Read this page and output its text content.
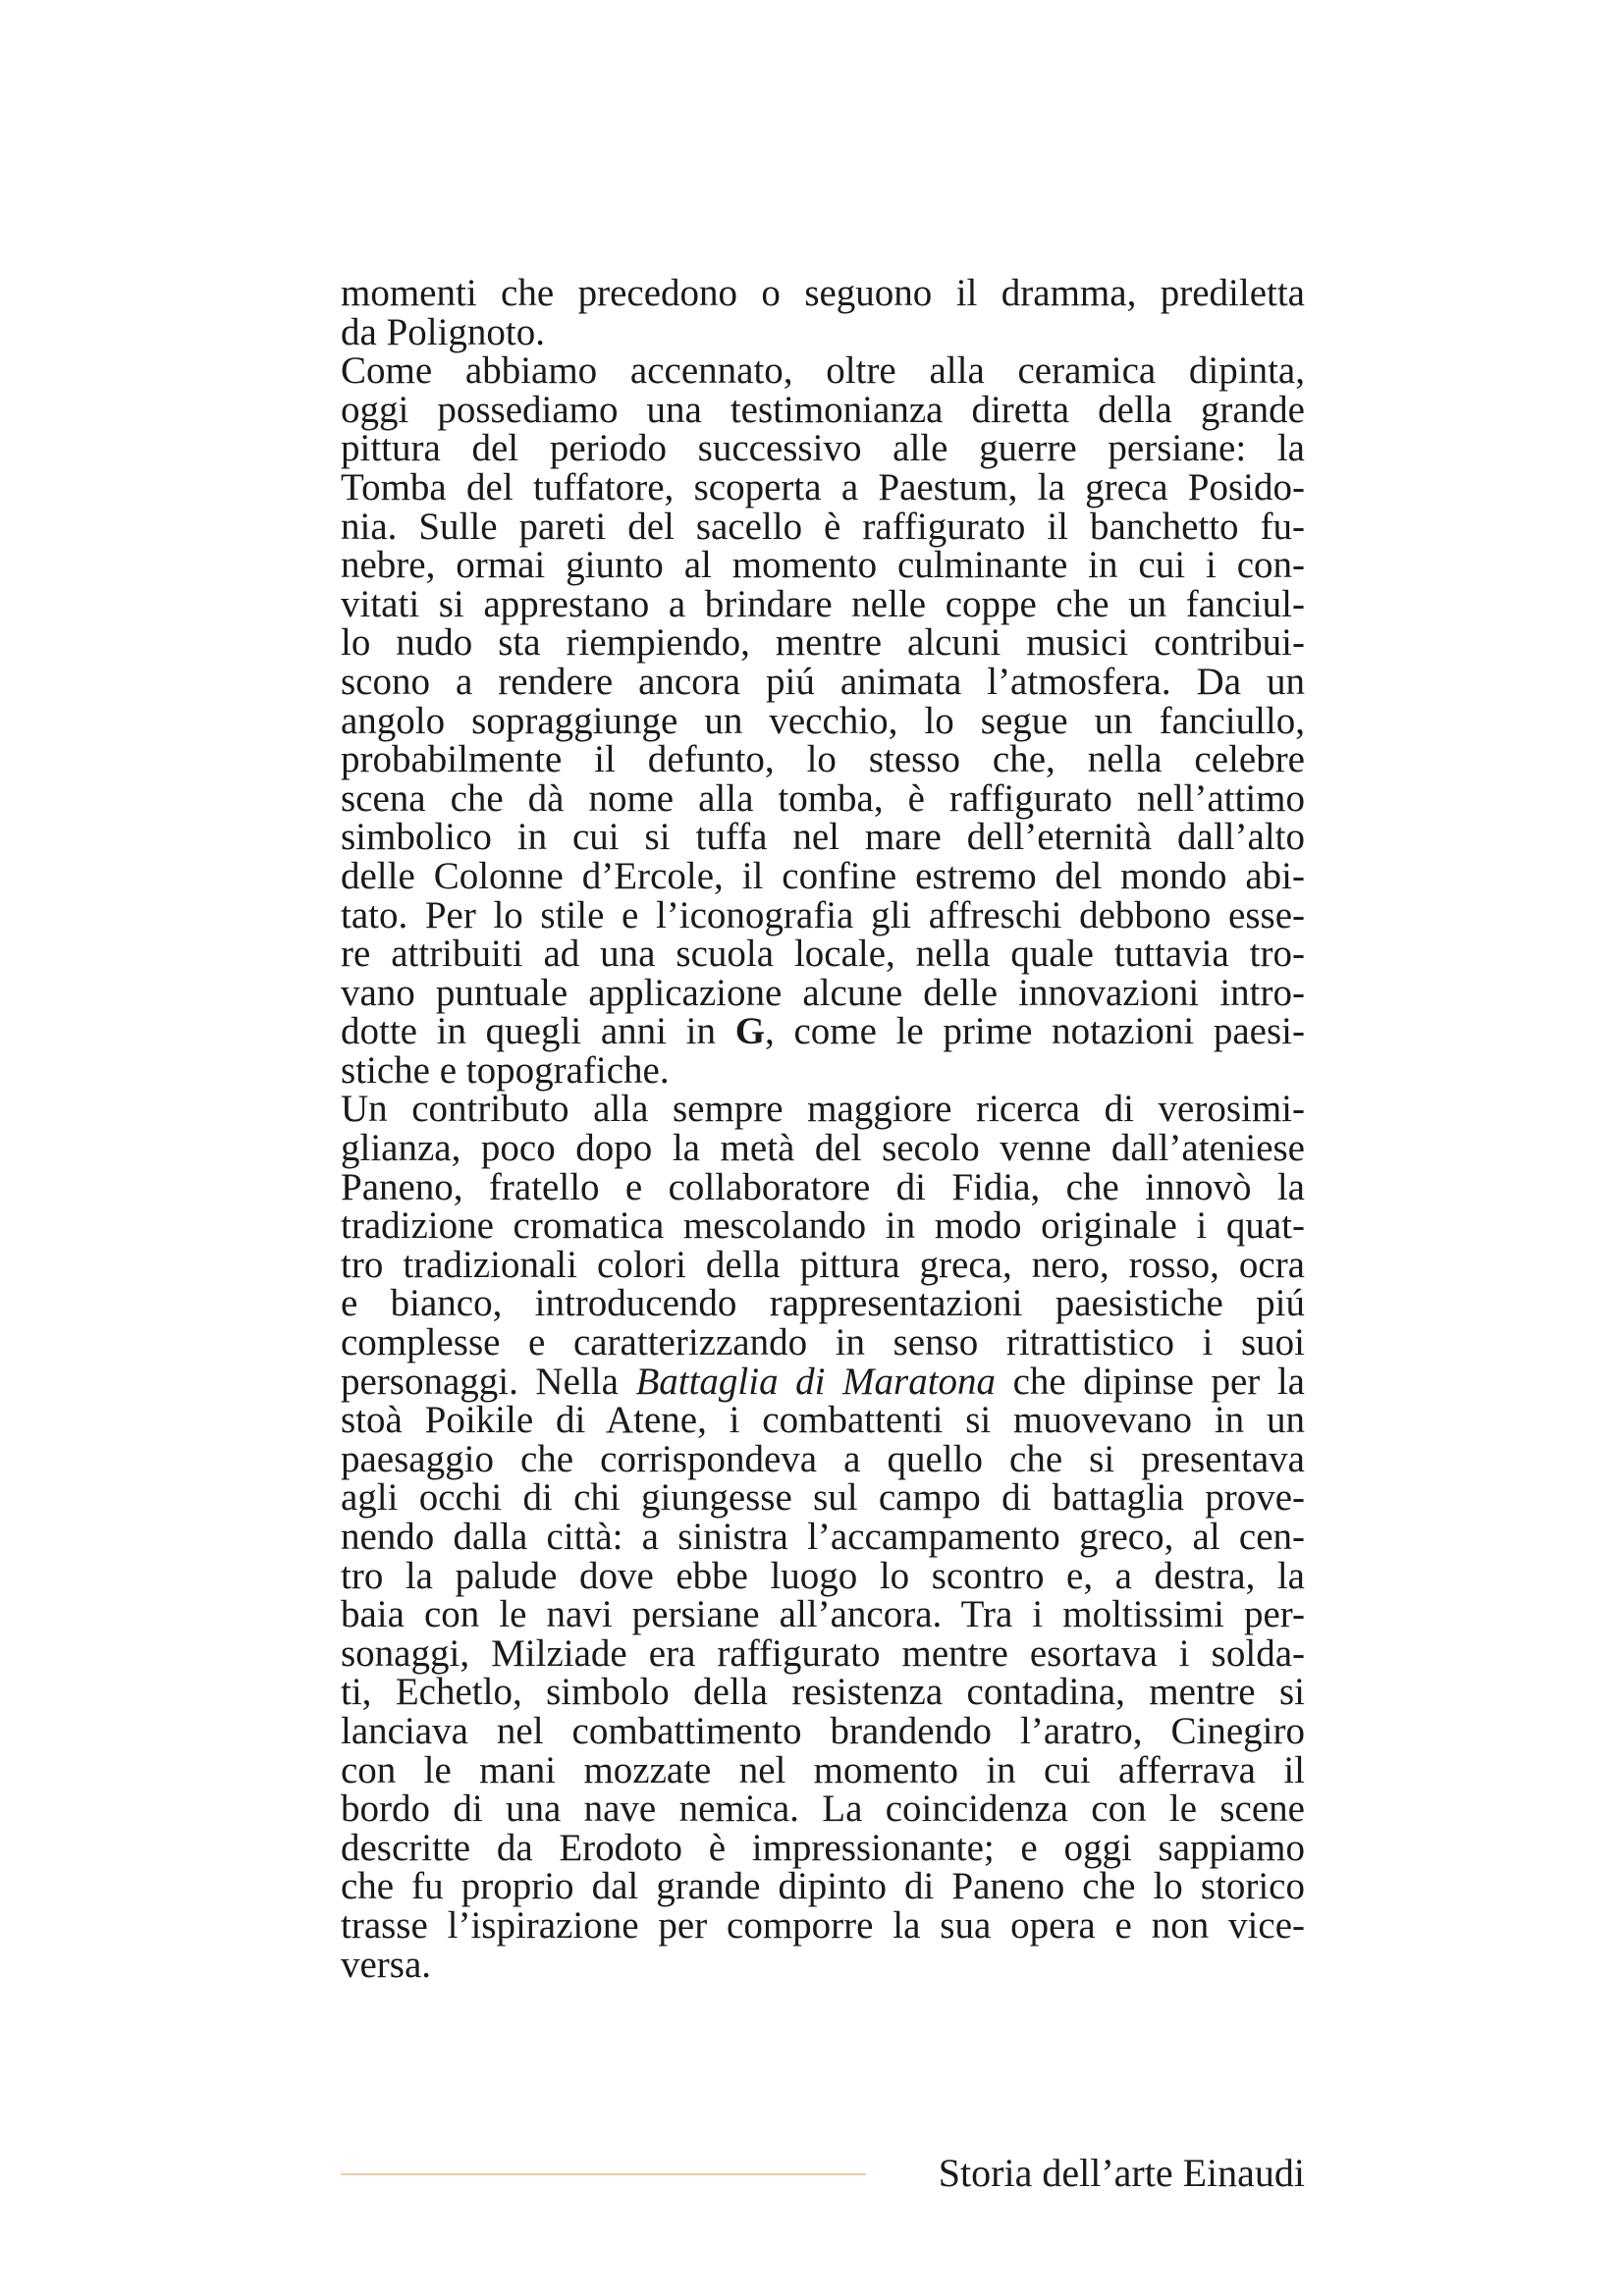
momenti che precedono o seguono il dramma, prediletta
da Polignoto.
Come abbiamo accennato, oltre alla ceramica dipinta,
oggi possediamo una testimonianza diretta della grande
pittura del periodo successivo alle guerre persiane: la
Tomba del tuffatore, scoperta a Paestum, la greca Posido-
nia. Sulle pareti del sacello è raffigurato il banchetto fu-
nebre, ormai giunto al momento culminante in cui i con-
vitati si apprestano a brindare nelle coppe che un fanciul-
lo nudo sta riempiendo, mentre alcuni musici contribui-
scono a rendere ancora piú animata l’atmosfera. Da un
angolo sopraggiunge un vecchio, lo segue un fanciullo,
probabilmente il defunto, lo stesso che, nella celebre
scena che dà nome alla tomba, è raffigurato nell’attimo
simbolico in cui si tuffa nel mare dell’eternità dall’alto
delle Colonne d’Ercole, il confine estremo del mondo abi-
tato. Per lo stile e l’iconografia gli affreschi debbono esse-
re attribuiti ad una scuola locale, nella quale tuttavia tro-
vano puntuale applicazione alcune delle innovazioni intro-
dotte in quegli anni in G, come le prime notazioni paesi-
stiche e topografiche.
Un contributo alla sempre maggiore ricerca di verosimi-
glianza, poco dopo la metà del secolo venne dall’ateniese
Paneno, fratello e collaboratore di Fidia, che innovò la
tradizione cromatica mescolando in modo originale i quat-
tro tradizionali colori della pittura greca, nero, rosso, ocra
e bianco, introducendo rappresentazioni paesistiche piú
complesse e caratterizzando in senso ritrattistico i suoi
personaggi. Nella Battaglia di Maratona che dipinse per la
stoà Poikile di Atene, i combattenti si muovevano in un
paesaggio che corrispondeva a quello che si presentava
agli occhi di chi giungesse sul campo di battaglia prove-
nendo dalla città: a sinistra l’accampamento greco, al cen-
tro la palude dove ebbe luogo lo scontro e, a destra, la
baia con le navi persiane all’ancora. Tra i moltissimi per-
sonaggi, Milziade era raffigurato mentre esortava i solda-
ti, Echetlo, simbolo della resistenza contadina, mentre si
lanciava nel combattimento brandendo l’aratro, Cinegiro
con le mani mozzate nel momento in cui afferrava il
bordo di una nave nemica. La coincidenza con le scene
descritte da Erodoto è impressionante; e oggi sappiamo
che fu proprio dal grande dipinto di Paneno che lo storico
trasse l’ispirazione per comporre la sua opera e non vice-
versa.
Storia dell’arte Einaudi
